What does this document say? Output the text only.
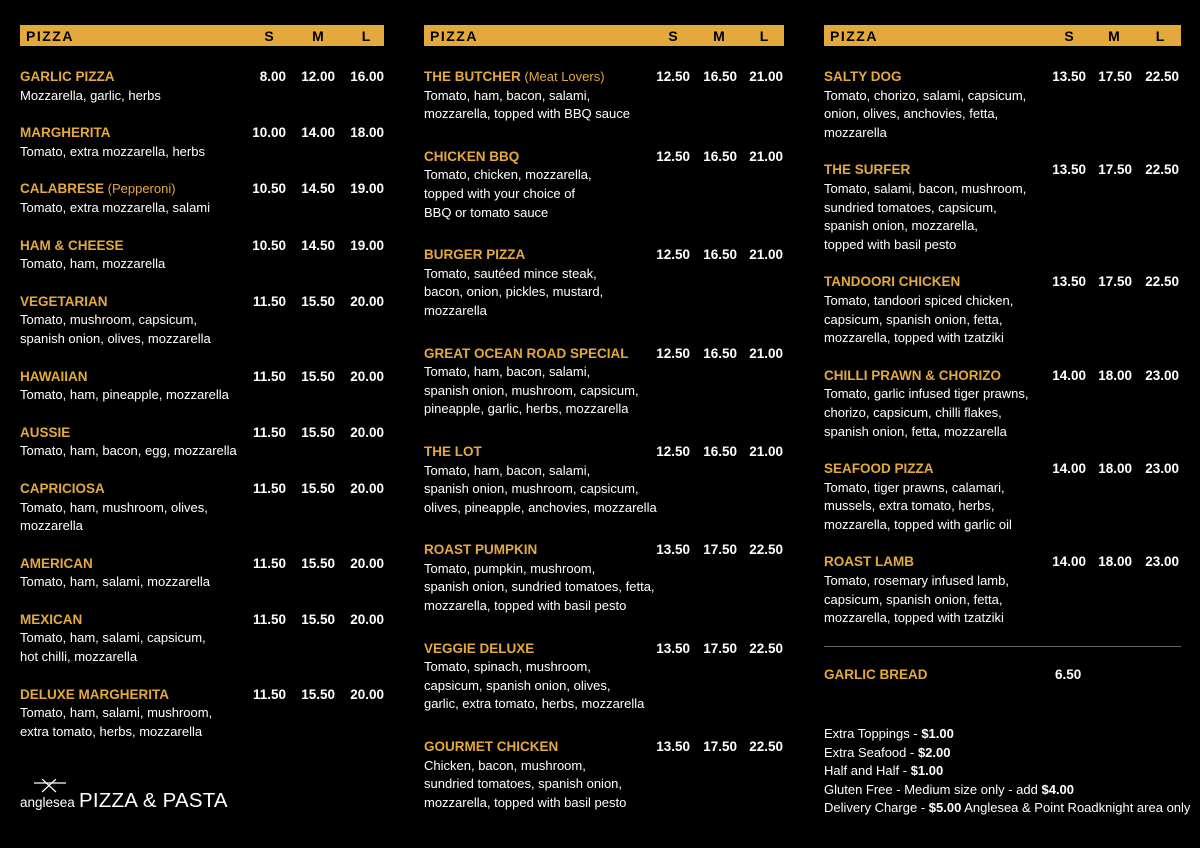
PIZZA	S	M	L
GARLIC PIZZA
Mozzarella, garlic, herbs
8.00	12.00	16.00
MARGHERITA
Tomato, extra mozzarella, herbs
10.00	14.00	18.00
CALABRESE (Pepperoni)
Tomato, extra mozzarella, salami
10.50	14.50	19.00
HAM & CHEESE
Tomato, ham, mozzarella
10.50	14.50	19.00
VEGETARIAN
Tomato, mushroom, capsicum,
spanish onion, olives, mozzarella
11.50	15.50	20.00
HAWAIIAN
Tomato, ham, pineapple, mozzarella
11.50	15.50	20.00
AUSSIE
Tomato, ham, bacon, egg, mozzarella
11.50	15.50	20.00
CAPRICIOSA
Tomato, ham, mushroom, olives,
mozzarella
11.50	15.50	20.00
AMERICAN
Tomato, ham, salami, mozzarella
11.50	15.50	20.00
MEXICAN
Tomato, ham, salami, capsicum,
hot chilli, mozzarella
11.50	15.50	20.00
DELUXE MARGHERITA
Tomato, ham, salami, mushroom,
extra tomato, herbs, mozzarella
11.50	15.50	20.00
PIZZA	S	M	L
THE BUTCHER (Meat Lovers)
Tomato, ham, bacon, salami,
mozzarella, topped with BBQ sauce
12.50 16.50 21.00
CHICKEN BBQ
Tomato, chicken, mozzarella,
topped with your choice of
BBQ or tomato sauce
12.50 16.50 21.00
BURGER PIZZA
Tomato, sautéed mince steak,
bacon, onion, pickles, mustard,
mozzarella
12.50 16.50 21.00
GREAT OCEAN ROAD SPECIAL
Tomato, ham, bacon, salami,
spanish onion, mushroom, capsicum,
pineapple, garlic, herbs, mozzarella
12.50 16.50 21.00
THE LOT
Tomato, ham, bacon, salami,
spanish onion, mushroom, capsicum,
olives, pineapple, anchovies, mozzarella
12.50 16.50 21.00
ROAST PUMPKIN
Tomato, pumpkin, mushroom,
spanish onion, sundried tomatoes, fetta,
mozzarella, topped with basil pesto
13.50 17.50 22.50
VEGGIE DELUXE
Tomato, spinach, mushroom,
capsicum, spanish onion, olives,
garlic, extra tomato, herbs, mozzarella
13.50 17.50 22.50
GOURMET CHICKEN
Chicken, bacon, mushroom,
sundried tomatoes, spanish onion,
mozzarella, topped with basil pesto
13.50 17.50 22.50
PIZZA	S	M	L
SALTY DOG
Tomato, chorizo, salami, capsicum,
onion, olives, anchovies, fetta,
mozzarella
13.50 17.50 22.50
THE SURFER
Tomato, salami, bacon, mushroom,
sundried tomatoes, capsicum,
spanish onion, mozzarella,
topped with basil pesto
13.50 17.50 22.50
TANDOORI CHICKEN
Tomato, tandoori spiced chicken,
capsicum, spanish onion, fetta,
mozzarella, topped with tzatziki
13.50 17.50 22.50
CHILLI PRAWN & CHORIZO
Tomato, garlic infused tiger prawns,
chorizo, capsicum, chilli flakes,
spanish onion, fetta, mozzarella
14.00 18.00 23.00
SEAFOOD PIZZA
Tomato, tiger prawns, calamari,
mussels, extra tomato, herbs,
mozzarella, topped with garlic oil
14.00 18.00 23.00
ROAST LAMB
Tomato, rosemary infused lamb,
capsicum, spanish onion, fetta,
mozzarella, topped with tzatziki
14.00 18.00 23.00
GARLIC BREAD	6.50
Extra Toppings - $1.00
Extra Seafood - $2.00
Half and Half - $1.00
Gluten Free - Medium size only - add $4.00
Delivery Charge - $5.00 Anglesea & Point Roadknight area only
anglesea PIZZA & PASTA
